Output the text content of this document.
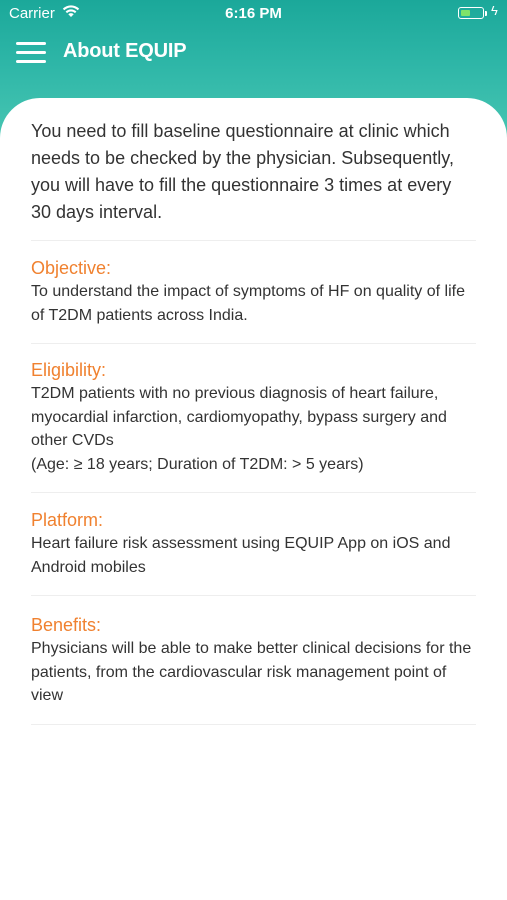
Carrier	6:16 PM	ϟ
About EQUIP
You need to fill baseline questionnaire at clinic which needs to be checked by the physician. Subsequently, you will have to fill the questionnaire 3 times at every 30 days interval.
Objective:

To understand the impact of symptoms of HF on quality of life of T2DM patients across India.

Eligibility:

T2DM patients with no previous diagnosis of heart failure, myocardial infarction, cardiomyopathy, bypass surgery and other CVDs

(Age: ≥ 18 years; Duration of T2DM: > 5 years)

Platform:

Heart failure risk assessment using EQUIP App on iOS and Android mobiles

Benefits:

Physicians will be able to make better clinical decisions for the patients, from the cardiovascular risk management point of view
